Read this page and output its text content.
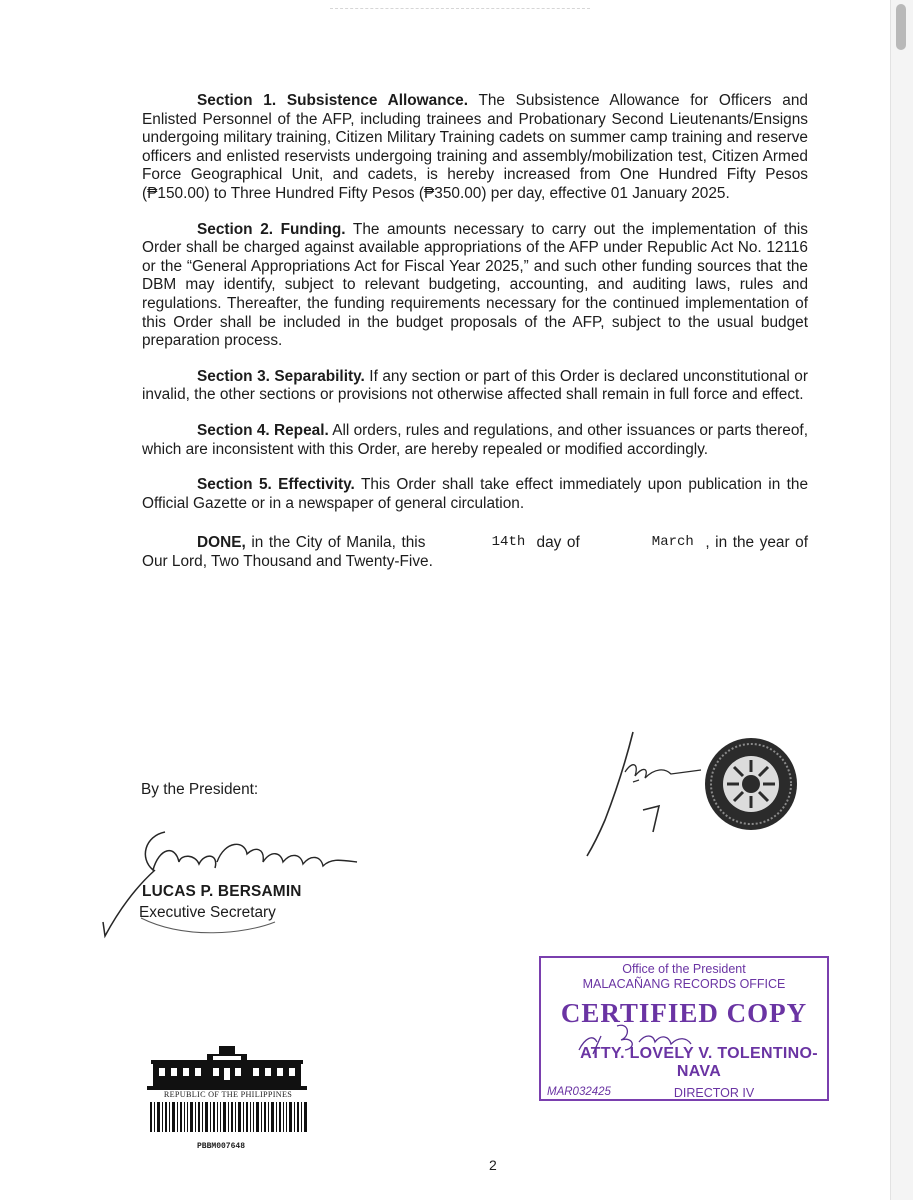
Section 1. Subsistence Allowance. The Subsistence Allowance for Officers and Enlisted Personnel of the AFP, including trainees and Probationary Second Lieutenants/Ensigns undergoing military training, Citizen Military Training cadets on summer camp training and reserve officers and enlisted reservists undergoing training and assembly/mobilization test, Citizen Armed Force Geographical Unit, and cadets, is hereby increased from One Hundred Fifty Pesos (₱150.00) to Three Hundred Fifty Pesos (₱350.00) per day, effective 01 January 2025.

Section 2. Funding. The amounts necessary to carry out the implementation of this Order shall be charged against available appropriations of the AFP under Republic Act No. 12116 or the “General Appropriations Act for Fiscal Year 2025,” and such other funding sources that the DBM may identify, subject to relevant budgeting, accounting, and auditing laws, rules and regulations. Thereafter, the funding requirements necessary for the continued implementation of this Order shall be included in the budget proposals of the AFP, subject to the usual budget preparation process.

Section 3. Separability. If any section or part of this Order is declared unconstitutional or invalid, the other sections or provisions not otherwise affected shall remain in full force and effect.

Section 4. Repeal. All orders, rules and regulations, and other issuances or parts thereof, which are inconsistent with this Order, are hereby repealed or modified accordingly.

Section 5. Effectivity. This Order shall take effect immediately upon publication in the Official Gazette or in a newspaper of general circulation.

DONE, in the City of Manila, this	14th day of	March , in the year of Our Lord, Two Thousand and Twenty-Five.

By the President:
LUCAS P. BERSAMIN
Executive Secretary
Office of the President
MALACAÑANG RECORDS OFFICE
CERTIFIED COPY
ATTY. LOVELY V. TOLENTINO-NAVA
DIRECTOR IV
MAR032425
REPUBLIC OF THE PHILIPPINES
PBBM007648
2
